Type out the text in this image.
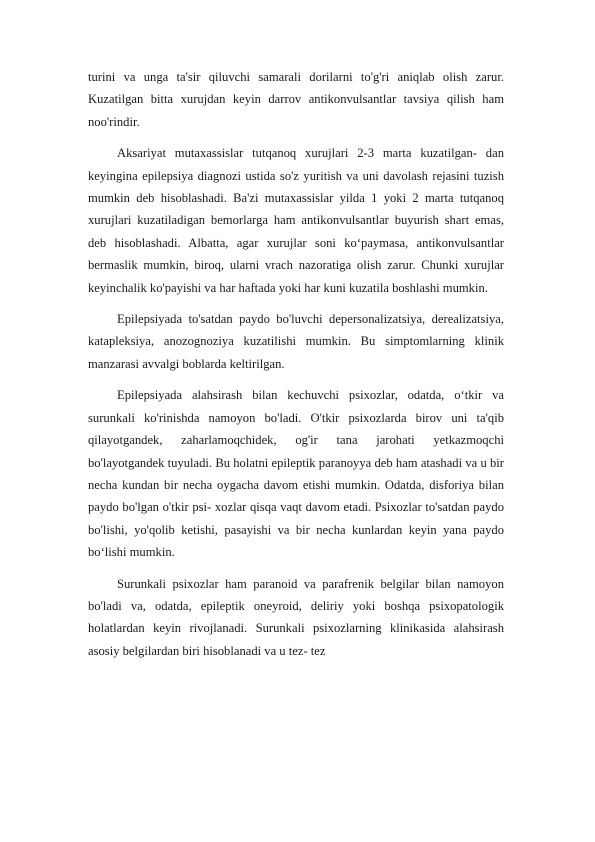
turini va unga ta'sir qiluvchi samarali dorilarni to'g'ri aniqlab olish zarur. Kuzatilgan bitta xurujdan keyin darrov antikonvulsantlar tavsiya qilish ham noo'rindir.

Aksariyat mutaxassislar tutqanoq xurujlari 2-3 marta kuzatilgan- dan keyingina epilepsiya diagnozi ustida so'z yuritish va uni davolash rejasini tuzish mumkin deb hisoblashadi. Ba'zi mutaxassislar yilda 1 yoki 2 marta tutqanoq xurujlari kuzatiladigan bemorlarga ham antikonvulsantlar buyurish shart emas, deb hisoblashadi. Albatta, agar xurujlar soni ko‘paymasa, antikonvulsantlar bermaslik mumkin, biroq, ularni vrach nazoratiga olish zarur. Chunki xurujlar keyinchalik ko'payishi va har haftada yoki har kuni kuzatila boshlashi mumkin.

Epilepsiyada to'satdan paydo bo'luvchi depersonalizatsiya, derealizatsiya, katapleksiya, anozognoziya kuzatilishi mumkin. Bu simptomlarning klinik manzarasi avvalgi boblarda keltirilgan.

Epilepsiyada alahsirash bilan kechuvchi psixozlar, odatda, o‘tkir va surunkali ko'rinishda namoyon bo'ladi. O'tkir psixozlarda birov uni ta'qib qilayotgandek, zaharlamoqchidek, og'ir tana jarohati yetkazmoqchi bo'layotgandek tuyuladi. Bu holatni epileptik paranoyya deb ham atashadi va u bir necha kundan bir necha oygacha davom etishi mumkin. Odatda, disforiya bilan paydo bo'lgan o'tkir psi- xozlar qisqa vaqt davom etadi. Psixozlar to'satdan paydo bo'lishi, yo'qolib ketishi, pasayishi va bir necha kunlardan keyin yana paydo bo‘lishi mumkin.

Surunkali psixozlar ham paranoid va parafrenik belgilar bilan namoyon bo'ladi va, odatda, epileptik oneyroid, deliriy yoki boshqa psixopatologik holatlardan keyin rivojlanadi. Surunkali psixozlarning klinikasida alahsirash asosiy belgilardan biri hisoblanadi va u tez- tez
